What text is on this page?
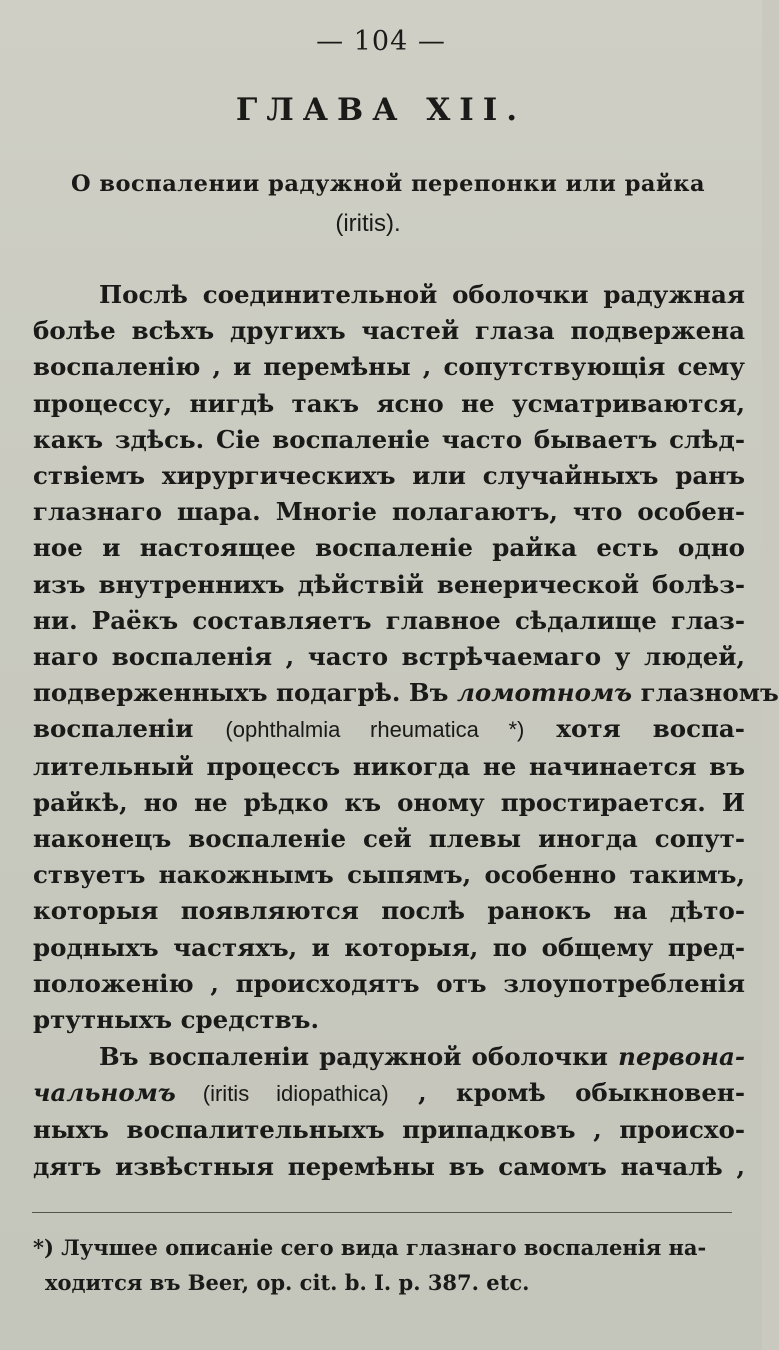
— 104 —
ГЛАВА XII.
О воспалении радужной перепонки или райка
(iritis).
Послѣ соединительной оболочки радужная
болѣе всѣхъ другихъ частей глаза подвержена
воспаленію , и перемѣны , сопутствующія сему
процессу, нигдѣ такъ ясно не усматриваются,
какъ здѣсь. Сіе воспаленіе часто бываетъ слѣд-
ствіемъ хирургическихъ или случайныхъ ранъ
глазнаго шара. Многіе полагаютъ, что особен-
ное и настоящее воспаленіе райка есть одно
изъ внутреннихъ дѣйствій венерической болѣз-
ни. Раёкъ составляетъ главное сѣдалище глаз-
наго воспаленія , часто встрѣчаемаго у людей,
подверженныхъ подагрѣ. Въ ломотномъ глазномъ
воспаленіи (ophthalmia rheumatica *) хотя воспа-
лительный процессъ никогда не начинается въ
райкѣ, но не рѣдко къ оному простирается. И
наконецъ воспаленіе сей плевы иногда сопут-
ствуетъ накожнымъ сыпямъ, особенно такимъ,
которыя появляются послѣ ранокъ на дѣто-
родныхъ частяхъ, и которыя, по общему пред-
положенію , происходятъ отъ злоупотребленія
ртутныхъ средствъ.
Въ воспаленіи радужной оболочки первона-
чальномъ (iritis idiopathica) , кромѣ обыкновен-
ныхъ воспалительныхъ припадковъ , происхо-
дятъ извѣстныя перемѣны въ самомъ началѣ ,
*) Лучшее описаніе сего вида глазнаго воспаленія на-
ходится въ Beer, op. cit. b. I. p. 387. etc.
